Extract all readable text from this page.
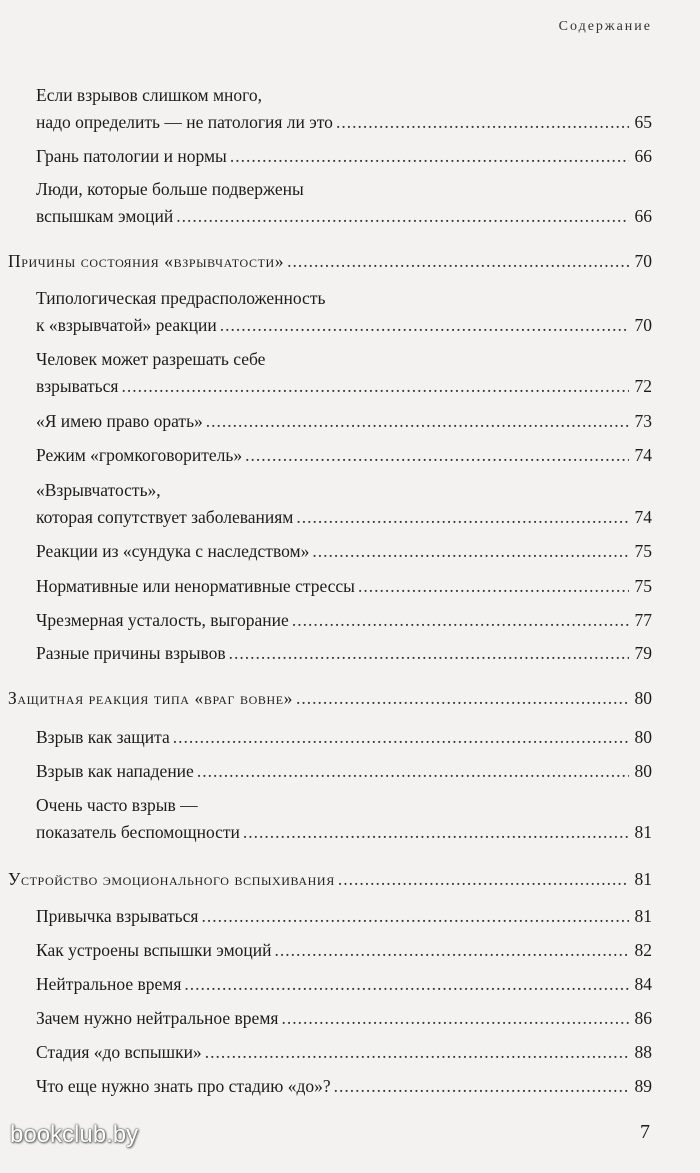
Содержание
Если взрывов слишком много,
надо определить — не патология ли это .....	65
Грань патологии и нормы .....	66
Люди, которые больше подвержены
вспышкам эмоций .....	66
Причины состояния «взрывчатости» .....	70
Типологическая предрасположенность
к «взрывчатой» реакции .....	70
Человек может разрешать себе
взрываться .....	72
«Я имею право орать» .....	73
Режим «громкоговоритель» .....	74
«Взрывчатость»,
которая сопутствует заболеваниям .....	74
Реакции из «сундука с наследством» .....	75
Нормативные или ненормативные стрессы .....	75
Чрезмерная усталость, выгорание .....	77
Разные причины взрывов .....	79
Защитная реакция типа «враг вовне» .....	80
Взрыв как защита .....	80
Взрыв как нападение .....	80
Очень часто взрыв —
показатель беспомощности .....	81
Устройство эмоционального вспыхивания .....	81
Привычка взрываться .....	81
Как устроены вспышки эмоций .....	82
Нейтральное время .....	84
Зачем нужно нейтральное время .....	86
Стадия «до вспышки» .....	88
Что еще нужно знать про стадию «до»? .....	89
bookclub.by	7
